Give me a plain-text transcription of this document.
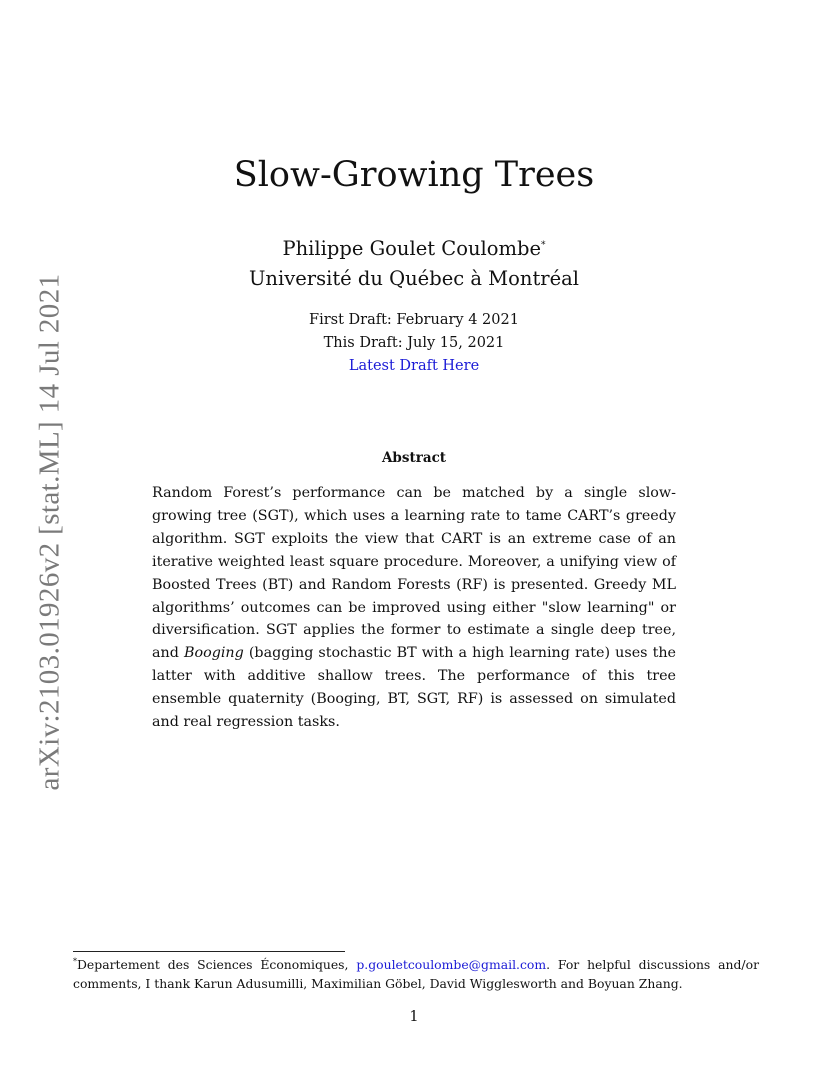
arXiv:2103.01926v2 [stat.ML] 14 Jul 2021
Slow-Growing Trees
Philippe Goulet Coulombe*
Université du Québec à Montréal
First Draft: February 4 2021
This Draft: July 15, 2021
Latest Draft Here
Abstract

Random Forest’s performance can be matched by a single slow-growing tree (SGT), which uses a learning rate to tame CART’s greedy algorithm. SGT exploits the view that CART is an extreme case of an iterative weighted least square procedure. Moreover, a unifying view of Boosted Trees (BT) and Random Forests (RF) is presented. Greedy ML algorithms’ outcomes can be improved using either "slow learning" or diversification. SGT applies the former to estimate a single deep tree, and Booging (bagging stochastic BT with a high learning rate) uses the latter with additive shallow trees. The performance of this tree ensemble quaternity (Booging, BT, SGT, RF) is assessed on simulated and real regression tasks.

*Departement des Sciences Économiques, p.gouletcoulombe@gmail.com. For helpful discussions and/or comments, I thank Karun Adusumilli, Maximilian Göbel, David Wigglesworth and Boyuan Zhang.

1
